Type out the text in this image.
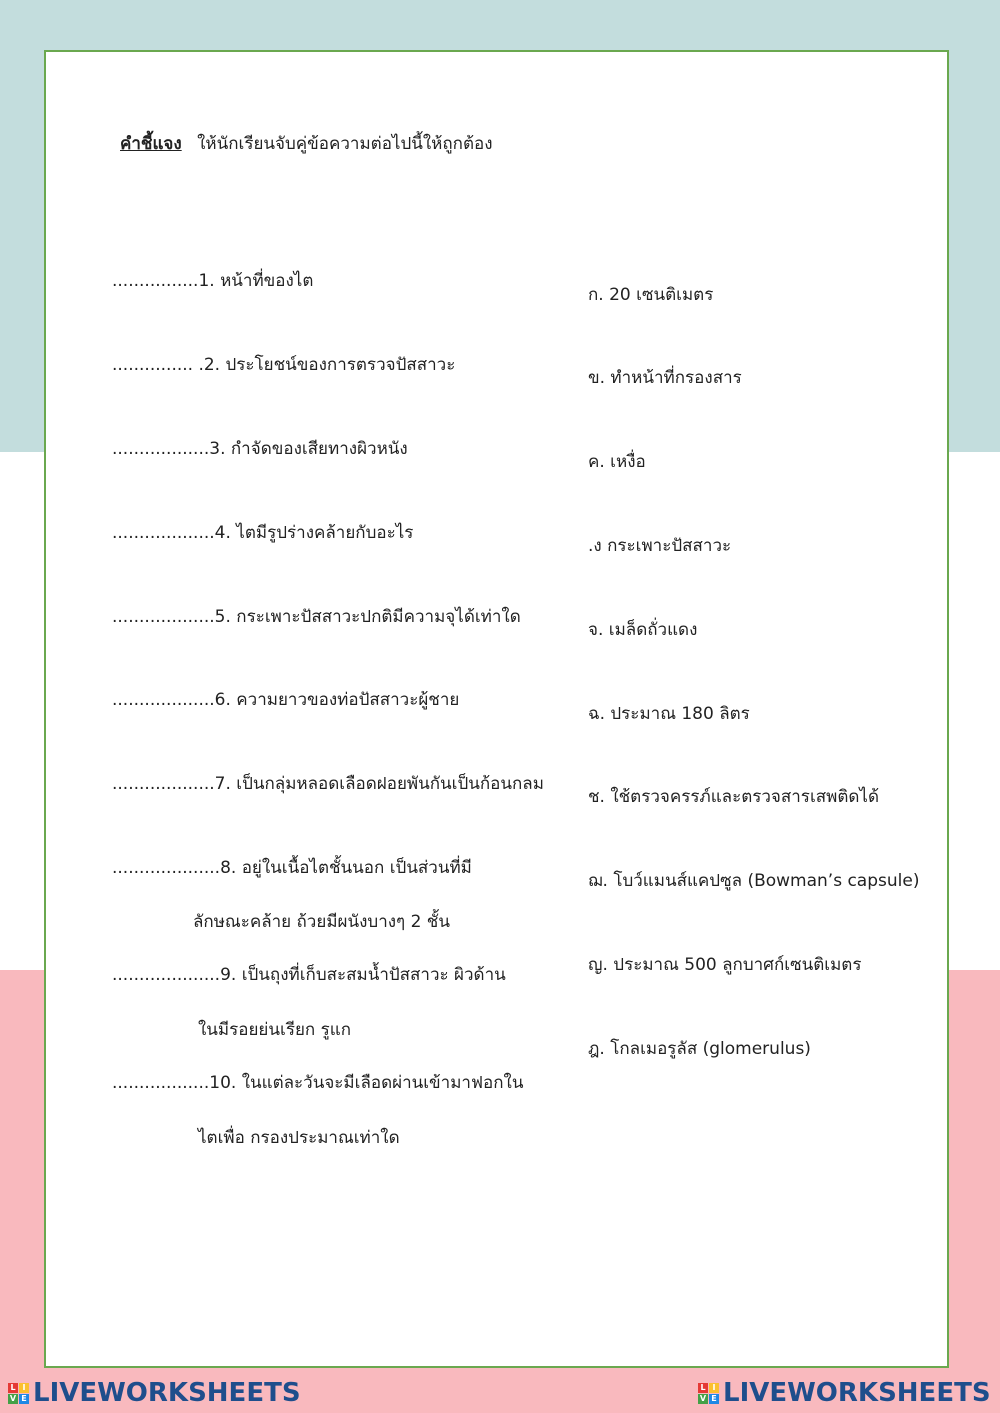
คำชี้แจง ให้นักเรียนจับคู่ข้อความต่อไปนี้ให้ถูกต้อง
................1. หน้าที่ของไต
............... .2. ประโยชน์ของการตรวจปัสสาวะ
..................3. กำจัดของเสียทางผิวหนัง
...................4. ไตมีรูปร่างคล้ายกับอะไร
...................5. กระเพาะปัสสาวะปกติมีความจุได้เท่าใด
...................6. ความยาวของท่อปัสสาวะผู้ชาย
...................7. เป็นกลุ่มหลอดเลือดฝอยพันกันเป็นก้อนกลม
....................8. อยู่ในเนื้อไตชั้นนอก เป็นส่วนที่มี
ลักษณะคล้าย ถ้วยมีผนังบางๆ 2 ชั้น
....................9. เป็นถุงที่เก็บสะสมน้ำปัสสาวะ ผิวด้าน
ในมีรอยย่นเรียก รูแก
..................10. ในแต่ละวันจะมีเลือดผ่านเข้ามาฟอกใน
ไตเพื่อ กรองประมาณเท่าใด
ก. 20 เซนติเมตร
ข. ทำหน้าที่กรองสาร
ค. เหงื่อ
.ง กระเพาะปัสสาวะ
จ. เมล็ดถั่วแดง
ฉ. ประมาณ 180 ลิตร
ช. ใช้ตรวจครรภ์และตรวจสารเสพติดได้
ฌ. โบว์แมนส์แคปซูล (Bowman’s capsule)
ญ. ประมาณ 500 ลูกบาศก์เซนติเมตร
ฎ. โกลเมอรูลัส (glomerulus)
L I
V E LIVEWORKSHEETS	L I
V E LIVEWORKSHEETS
